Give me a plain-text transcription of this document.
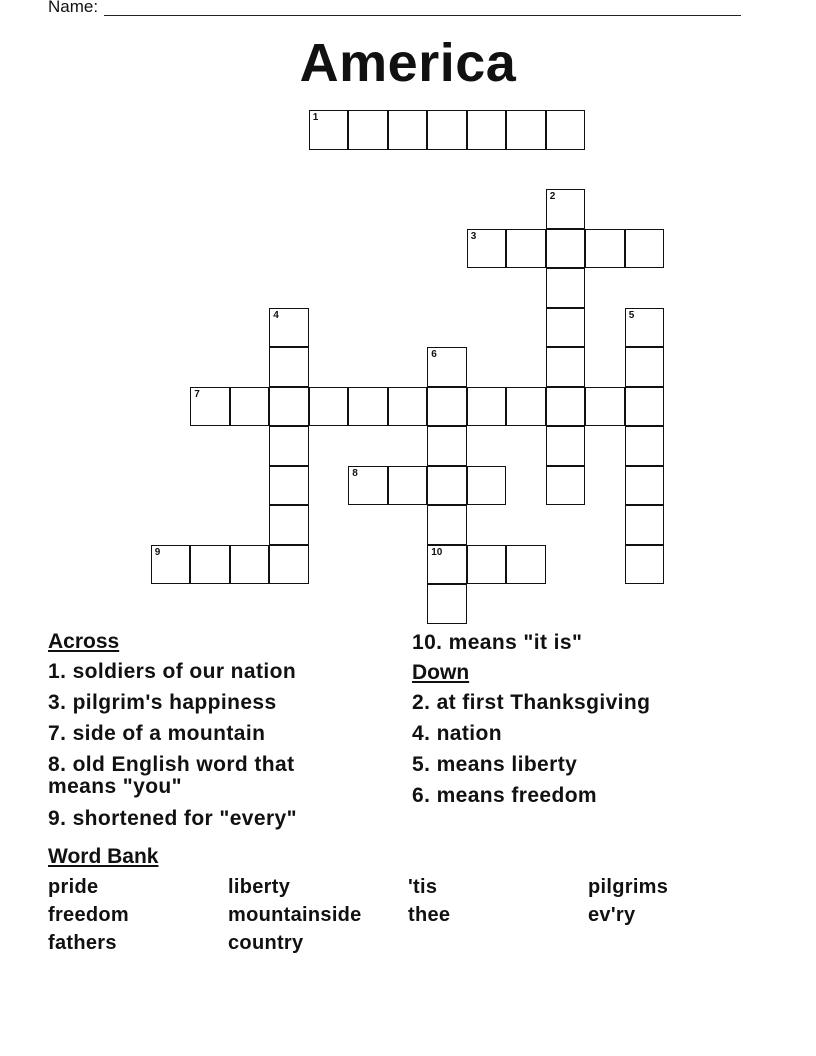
Name:
America
1
2
3
4	5
6
7
8
9	10
Across
1. soldiers of our nation
3. pilgrim's happiness
7. side of a mountain
8. old English word that
means "you"
9. shortened for "every"
10. means "it is"
Down
2. at first Thanksgiving
4. nation
5. means liberty
6. means freedom
Word Bank
pride
freedom
fathers
liberty
mountainside
country
'tis
thee
pilgrims
ev'ry
